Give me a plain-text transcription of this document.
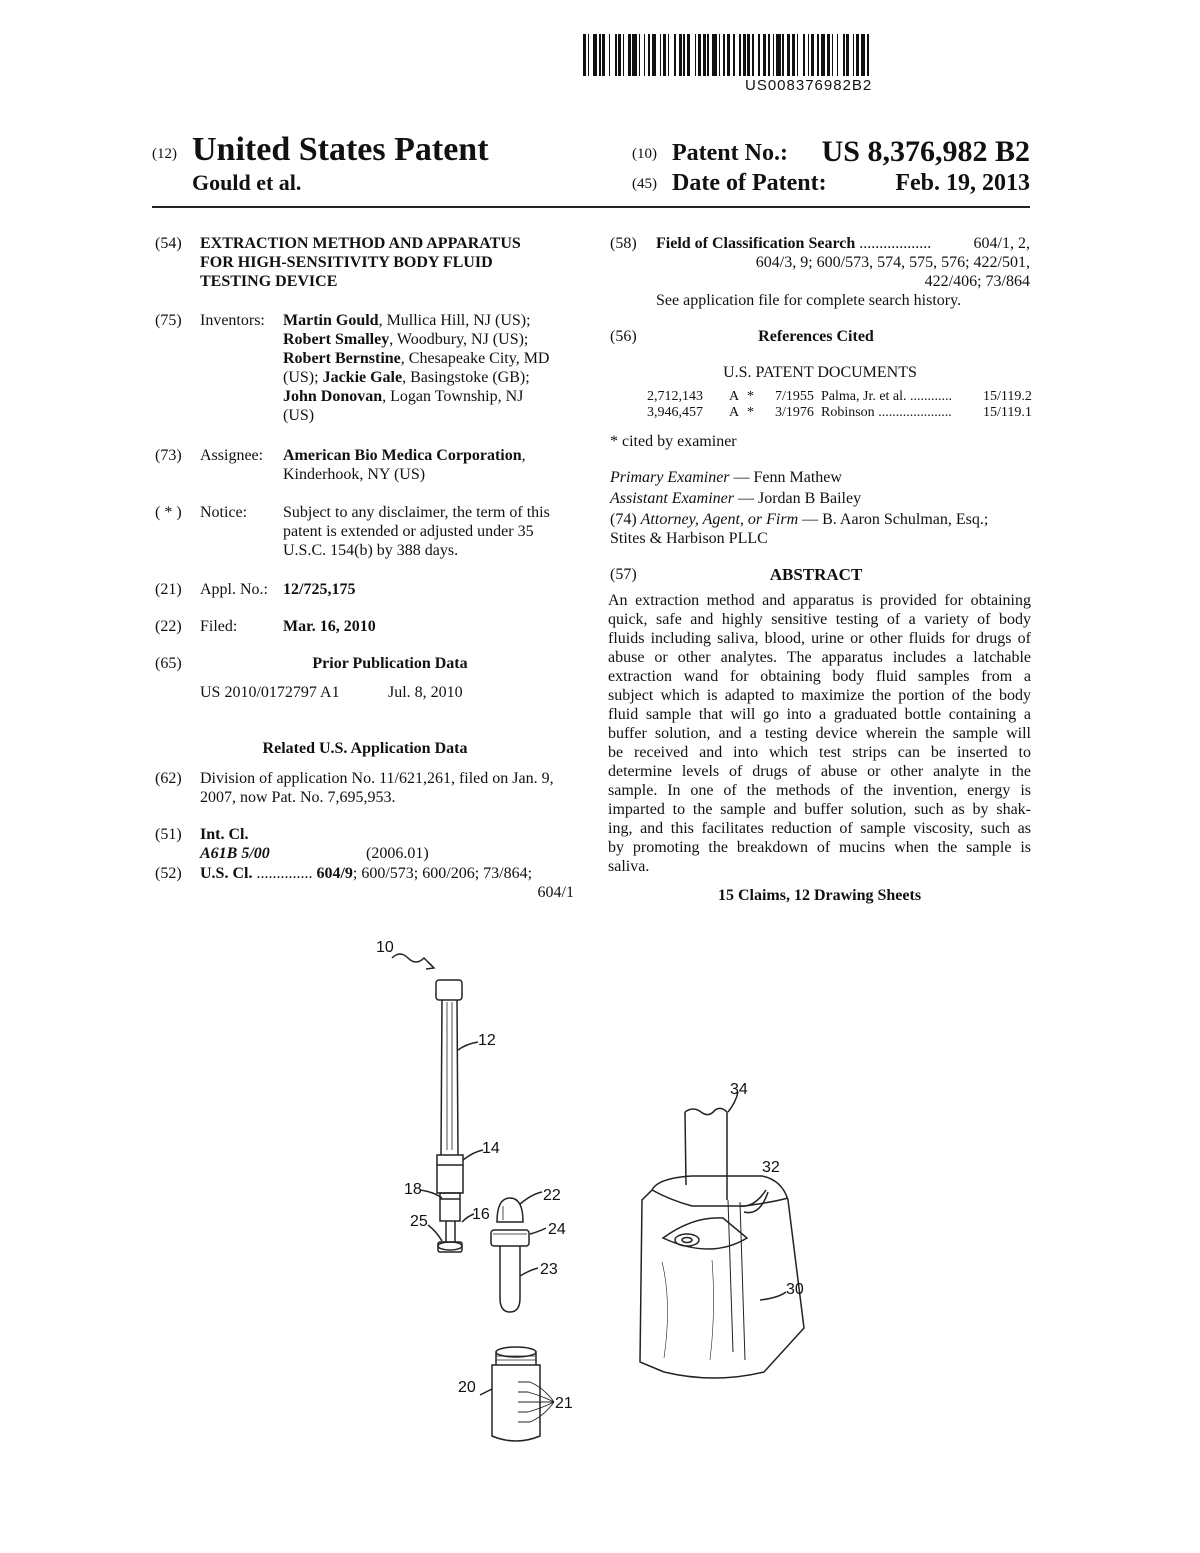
US008376982B2
(12) United States Patent
Gould et al.
(10) Patent No.: US 8,376,982 B2
(45) Date of Patent:	Feb. 19, 2013
(54) EXTRACTION METHOD AND APPARATUS
FOR HIGH-SENSITIVITY BODY FLUID
TESTING DEVICE
(75) Inventors: Martin Gould, Mullica Hill, NJ (US);
Robert Smalley, Woodbury, NJ (US);
Robert Bernstine, Chesapeake City, MD
(US); Jackie Gale, Basingstoke (GB);
John Donovan, Logan Township, NJ
(US)
(73) Assignee: American Bio Medica Corporation,
Kinderhook, NY (US)
( * ) Notice: Subject to any disclaimer, the term of this
patent is extended or adjusted under 35
U.S.C. 154(b) by 388 days.
(21) Appl. No.: 12/725,175
(22) Filed:	Mar. 16, 2010
(65)	Prior Publication Data
US 2010/0172797 A1	Jul. 8, 2010
Related U.S. Application Data
(62) Division of application No. 11/621,261, filed on Jan. 9,
2007, now Pat. No. 7,695,953.
(51) Int. Cl.
A61B 5/00	(2006.01)
(52) U.S. Cl. .............. 604/9; 600/573; 600/206; 73/864;
604/1
(58) Field of Classification Search ..................	604/1, 2,
604/3, 9; 600/573, 574, 575, 576; 422/501,
422/406; 73/864
See application file for complete search history.
(56)	References Cited
U.S. PATENT DOCUMENTS
2,712,143	A *	7/1955 Palma, Jr. et al. ............	15/119.2
3,946,457	A *	3/1976 Robinson .....................	15/119.1
* cited by examiner
Primary Examiner — Fenn Mathew
Assistant Examiner — Jordan B Bailey
(74) Attorney, Agent, or Firm — B. Aaron Schulman, Esq.;
Stites & Harbison PLLC
(57)	ABSTRACT
An extraction method and apparatus is provided for obtaining
quick, safe and highly sensitive testing of a variety of body
fluids including saliva, blood, urine or other fluids for drugs of
abuse or other analytes. The apparatus includes a latchable
extraction wand for obtaining body fluid samples from a
subject which is adapted to maximize the portion of the body
fluid sample that will go into a graduated bottle containing a
buffer solution, and a testing device wherein the sample will
be received and into which test strips can be inserted to
determine levels of drugs of abuse or other analyte in the
sample. In one of the methods of the invention, energy is
imparted to the sample and buffer solution, such as by shak-
ing, and this facilitates reduction of sample viscosity, such as
by promoting the breakdown of mucins when the sample is
saliva.
15 Claims, 12 Drawing Sheets
10
12
14
18
16
25
22
24
23
20
21
34
32
30
